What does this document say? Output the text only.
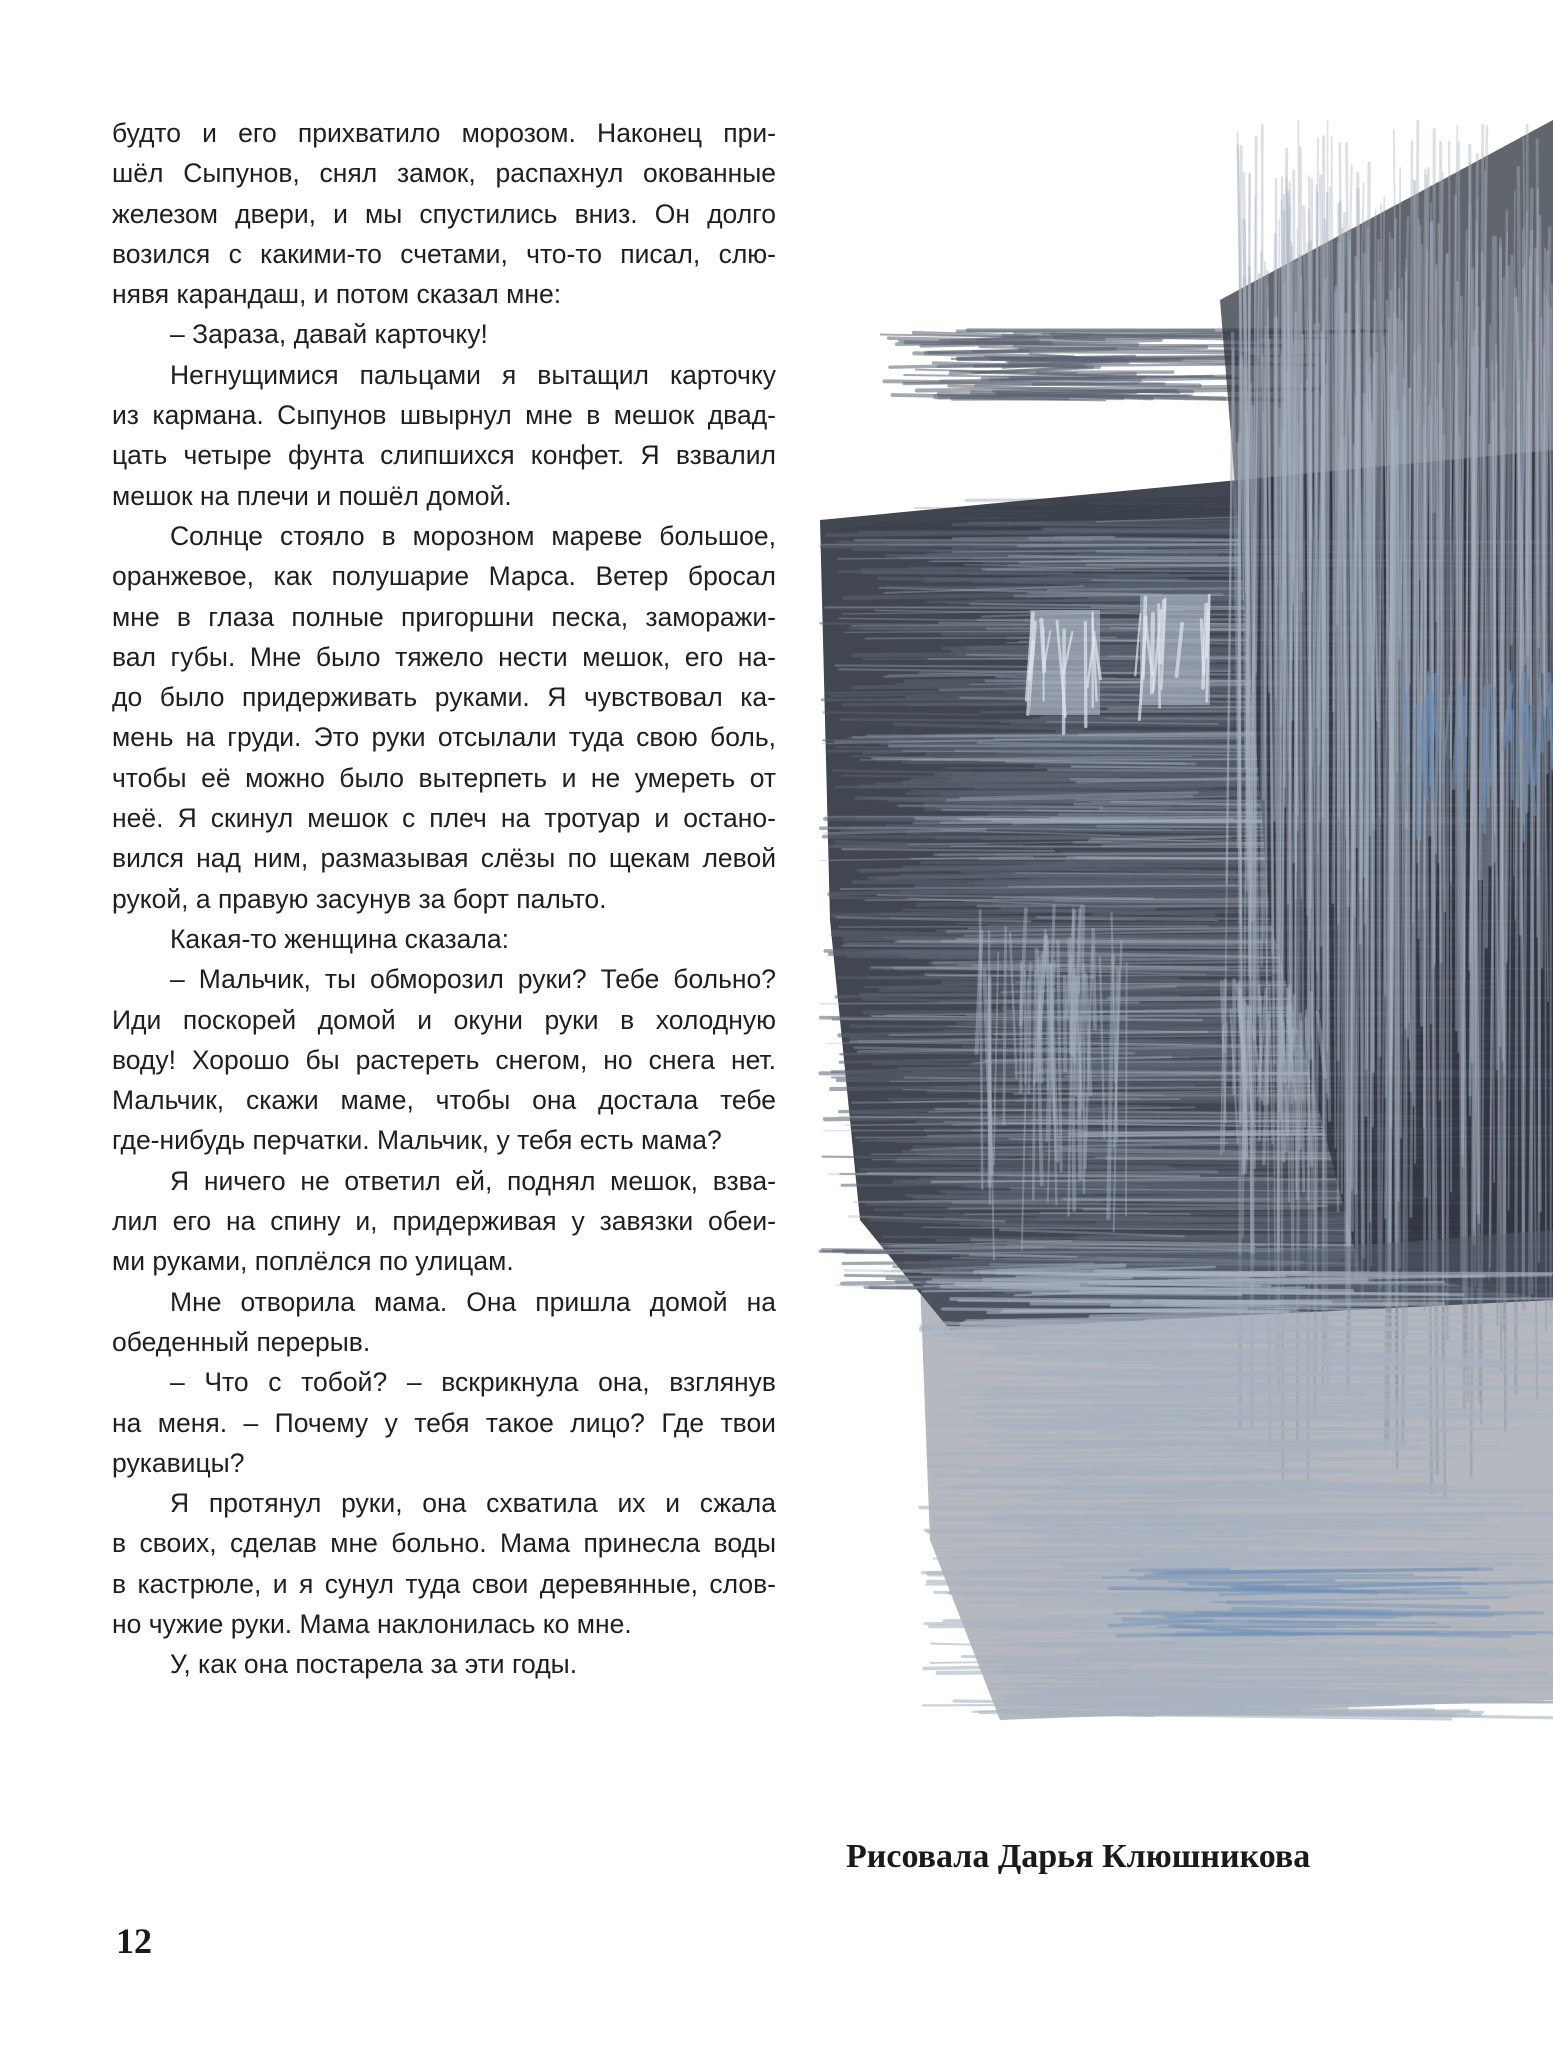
будто и его прихватило морозом. Наконец при-
шёл Сыпунов, снял замок, распахнул окованные
железом двери, и мы спустились вниз. Он долго
возился с какими-то счетами, что-то писал, слю-
нявя карандаш, и потом сказал мне:
– Зараза, давай карточку!
Негнущимися пальцами я вытащил карточку
из кармана. Сыпунов швырнул мне в мешок двад-
цать четыре фунта слипшихся конфет. Я взвалил
мешок на плечи и пошёл домой.
Солнце стояло в морозном мареве большое,
оранжевое, как полушарие Марса. Ветер бросал
мне в глаза полные пригоршни песка, заморажи-
вал губы. Мне было тяжело нести мешок, его на-
до было придерживать руками. Я чувствовал ка-
мень на груди. Это руки отсылали туда свою боль,
чтобы её можно было вытерпеть и не умереть от
неё. Я скинул мешок с плеч на тротуар и остано-
вился над ним, размазывая слёзы по щекам левой
рукой, а правую засунув за борт пальто.
Какая-то женщина сказала:
– Мальчик, ты обморозил руки? Тебе больно?
Иди поскорей домой и окуни руки в холодную
воду! Хорошо бы растереть снегом, но снега нет.
Мальчик, скажи маме, чтобы она достала тебе
где-нибудь перчатки. Мальчик, у тебя есть мама?
Я ничего не ответил ей, поднял мешок, взва-
лил его на спину и, придерживая у завязки обеи-
ми руками, поплёлся по улицам.
Мне отворила мама. Она пришла домой на
обеденный перерыв.
– Что с тобой? – вскрикнула она, взглянув
на меня. – Почему у тебя такое лицо? Где твои
рукавицы?
Я протянул руки, она схватила их и сжала
в своих, сделав мне больно. Мама принесла воды
в кастрюле, и я сунул туда свои деревянные, слов-
но чужие руки. Мама наклонилась ко мне.
У, как она постарела за эти годы.
Рисовала Дарья Клюшникова
12
